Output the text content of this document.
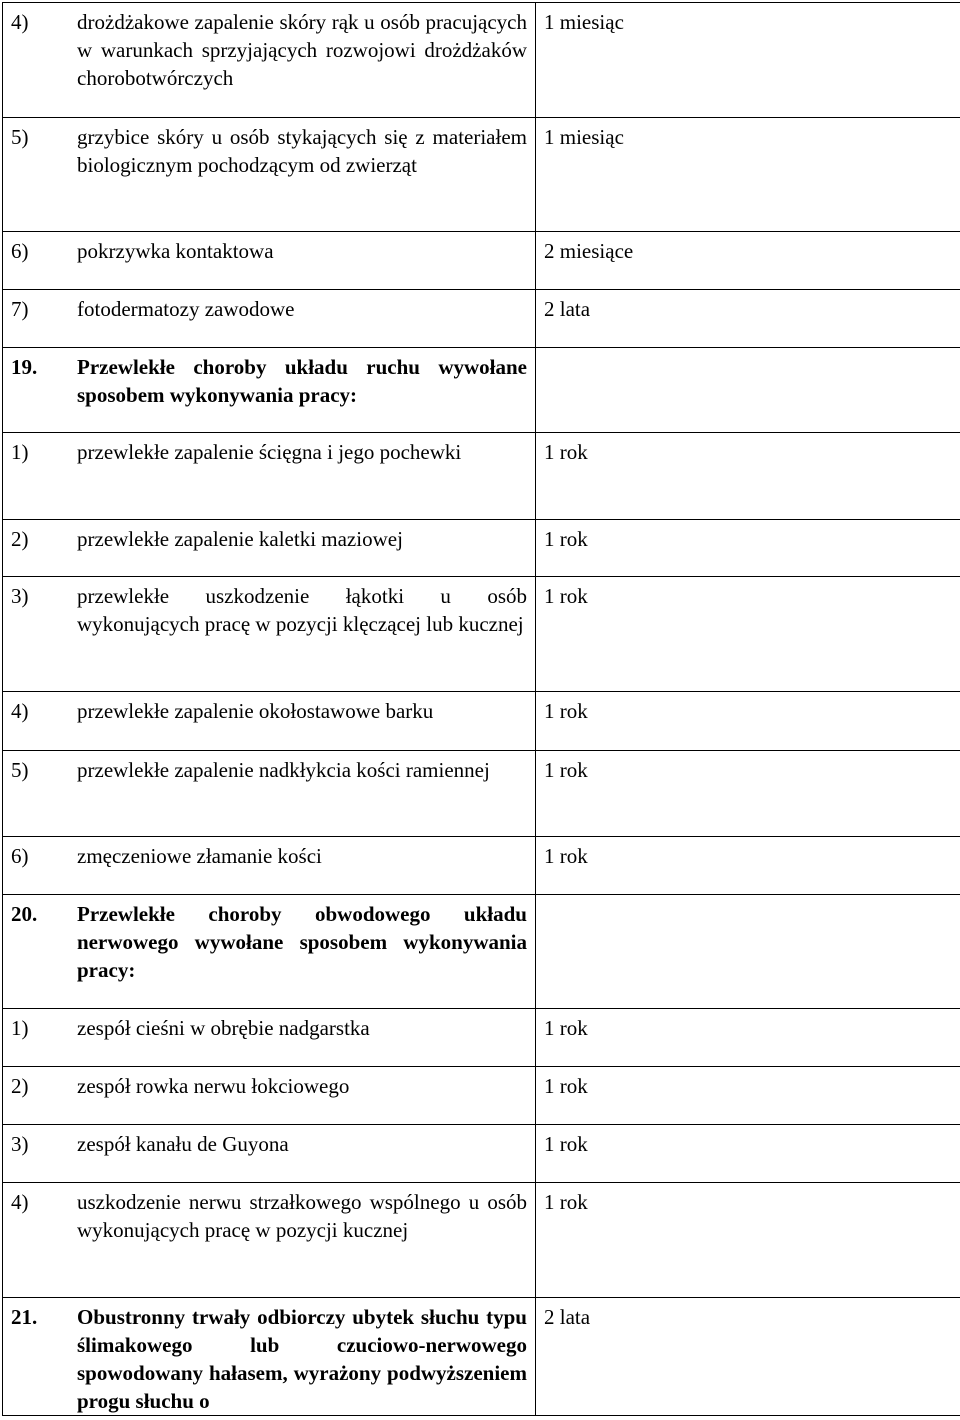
4) drożdżakowe zapalenie skóry rąk u osób pracujących w warunkach sprzyjających rozwojowi drożdżaków chorobotwórczych	1 miesiąc

5) grzybice skóry u osób stykających się z materiałem biologicznym pochodzącym od zwierząt	1 miesiąc

6) pokrzywka kontaktowa	2 miesiące

7) fotodermatozy zawodowe	2 lata

19. Przewlekłe choroby układu ruchu wywołane sposobem wykonywania pracy:	

1) przewlekłe zapalenie ścięgna i jego pochewki	1 rok

2) przewlekłe zapalenie kaletki maziowej	1 rok

3) przewlekłe uszkodzenie łąkotki u osób wykonujących pracę w pozycji klęczącej lub kucznej	1 rok

4) przewlekłe zapalenie okołostawowe barku	1 rok

5) przewlekłe zapalenie nadkłykcia kości ramiennej	1 rok

6) zmęczeniowe złamanie kości	1 rok

20. Przewlekłe choroby obwodowego układu nerwowego wywołane sposobem wykonywania pracy:	

1) zespół cieśni w obrębie nadgarstka	1 rok

2) zespół rowka nerwu łokciowego	1 rok

3) zespół kanału de Guyona	1 rok

4) uszkodzenie nerwu strzałkowego wspólnego u osób wykonujących pracę w pozycji kucznej	1 rok

21. Obustronny trwały odbiorczy ubytek słuchu typu ślimakowego lub czuciowo-nerwowego spowodowany hałasem, wyrażony podwyższeniem progu słuchu o	2 lata
